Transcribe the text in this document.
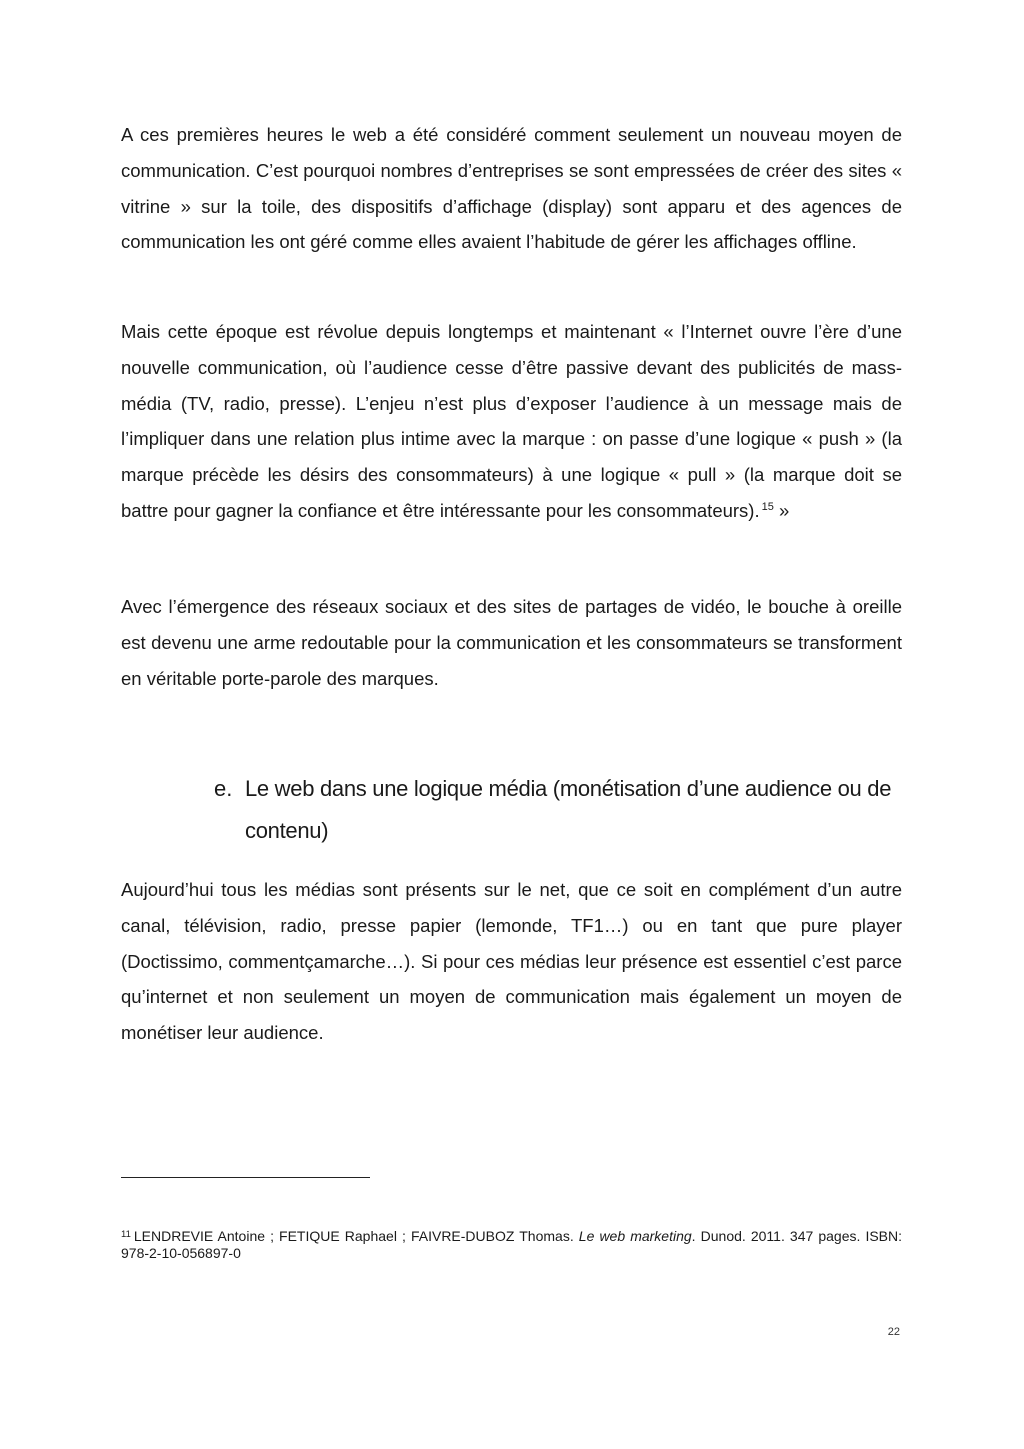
A ces premières heures le web a été considéré comment seulement un nouveau moyen de communication. C’est pourquoi nombres d’entreprises se sont empressées de créer des sites « vitrine » sur la toile, des dispositifs d’affichage (display) sont apparu et des agences de communication les ont géré comme elles avaient l’habitude de gérer les affichages offline.

Mais cette époque est révolue depuis longtemps et maintenant « l’Internet ouvre l’ère d’une nouvelle communication, où l’audience cesse d’être passive devant des publicités de mass-média (TV, radio, presse). L’enjeu n’est plus d’exposer l’audience à un message mais de l’impliquer dans une relation plus intime avec la marque : on passe d’une logique « push » (la marque précède les désirs des consommateurs) à une logique « pull » (la marque doit se battre pour gagner la confiance et être intéressante pour les consommateurs). $^{15}$ »

Avec l’émergence des réseaux sociaux et des sites de partages de vidéo, le bouche à oreille est devenu une arme redoutable pour la communication et les consommateurs se transforment en véritable porte-parole des marques.

e. Le web dans une logique média (monétisation d’une audience ou de contenu)

Aujourd’hui tous les médias sont présents sur le net, que ce soit en complément d’un autre canal, télévision, radio, presse papier (lemonde, TF1…) ou en tant que pure player (Doctissimo, commentçamarche…). Si pour ces médias leur présence est essentiel c’est parce qu’internet et non seulement un moyen de communication mais également un moyen de monétiser leur audience.

$^{11}$ LENDREVIE Antoine ; FETIQUE Raphael ; FAIVRE-DUBOZ Thomas. Le web marketing. Dunod. 2011. 347 pages. ISBN: 978-2-10-056897-0

22
